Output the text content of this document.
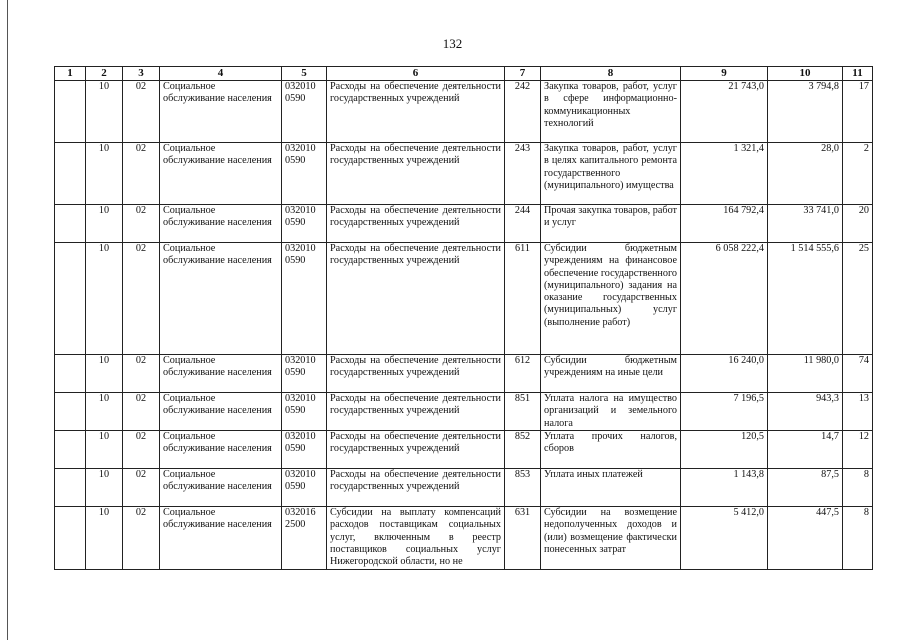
132
1	2	3	4	5	6	7	8	9	10	11
	10	02	Социальное обслуживание населения	032010 0590	Расходы на обеспечение деятельности государственных учреждений	242	Закупка товаров, работ, услуг в сфере информационно-коммуникационных технологий	21 743,0	3 794,8	17
	10	02	Социальное обслуживание населения	032010 0590	Расходы на обеспечение деятельности государственных учреждений	243	Закупка товаров, работ, услуг в целях капитального ремонта государственного (муниципального) имущества	1 321,4	28,0	2
	10	02	Социальное обслуживание населения	032010 0590	Расходы на обеспечение деятельности государственных учреждений	244	Прочая закупка товаров, работ и услуг	164 792,4	33 741,0	20
	10	02	Социальное обслуживание населения	032010 0590	Расходы на обеспечение деятельности государственных учреждений	611	Субсидии бюджетным учреждениям на финансовое обеспечение государственного (муниципального) задания на оказание государственных (муниципальных) услуг (выполнение работ)	6 058 222,4	1 514 555,6	25
	10	02	Социальное обслуживание населения	032010 0590	Расходы на обеспечение деятельности государственных учреждений	612	Субсидии бюджетным учреждениям на иные цели	16 240,0	11 980,0	74
	10	02	Социальное обслуживание населения	032010 0590	Расходы на обеспечение деятельности государственных учреждений	851	Уплата налога на имущество организаций и земельного налога	7 196,5	943,3	13
	10	02	Социальное обслуживание населения	032010 0590	Расходы на обеспечение деятельности государственных учреждений	852	Уплата прочих налогов, сборов	120,5	14,7	12
	10	02	Социальное обслуживание населения	032010 0590	Расходы на обеспечение деятельности государственных учреждений	853	Уплата иных платежей	1 143,8	87,5	8
	10	02	Социальное обслуживание населения	032016 2500	Субсидии на выплату компенсаций расходов поставщикам социальных услуг, включенным в реестр поставщиков социальных услуг Нижегородской области, но не	631	Субсидии на возмещение недополученных доходов и (или) возмещение фактически понесенных затрат	5 412,0	447,5	8
